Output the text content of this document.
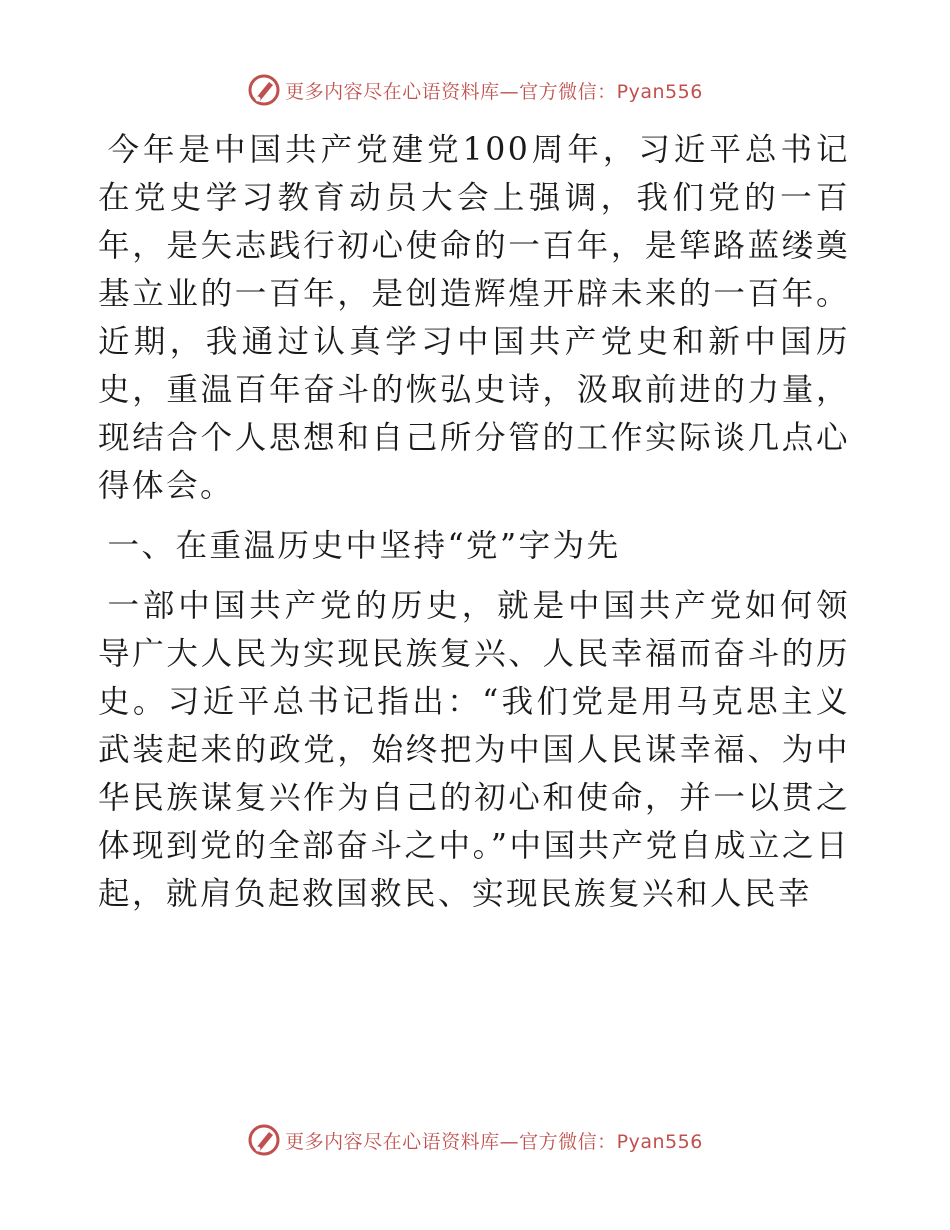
更多内容尽在心语资料库—官方微信：Pyan556

今年是中国共产党建党100周年，习近平总书记在党史学习教育动员大会上强调，我们党的一百年，是矢志践行初心使命的一百年，是筚路蓝缕奠基立业的一百年，是创造辉煌开辟未来的一百年。近期，我通过认真学习中国共产党史和新中国历史，重温百年奋斗的恢弘史诗，汲取前进的力量，现结合个人思想和自己所分管的工作实际谈几点心得体会。

一、在重温历史中坚持“党”字为先

一部中国共产党的历史，就是中国共产党如何领导广大人民为实现民族复兴、人民幸福而奋斗的历史。习近平总书记指出：“我们党是用马克思主义武装起来的政党，始终把为中国人民谋幸福、为中华民族谋复兴作为自己的初心和使命，并一以贯之体现到党的全部奋斗之中。”中国共产党自成立之日起，就肩负起救国救民、实现民族复兴和人民幸

更多内容尽在心语资料库—官方微信：Pyan556
